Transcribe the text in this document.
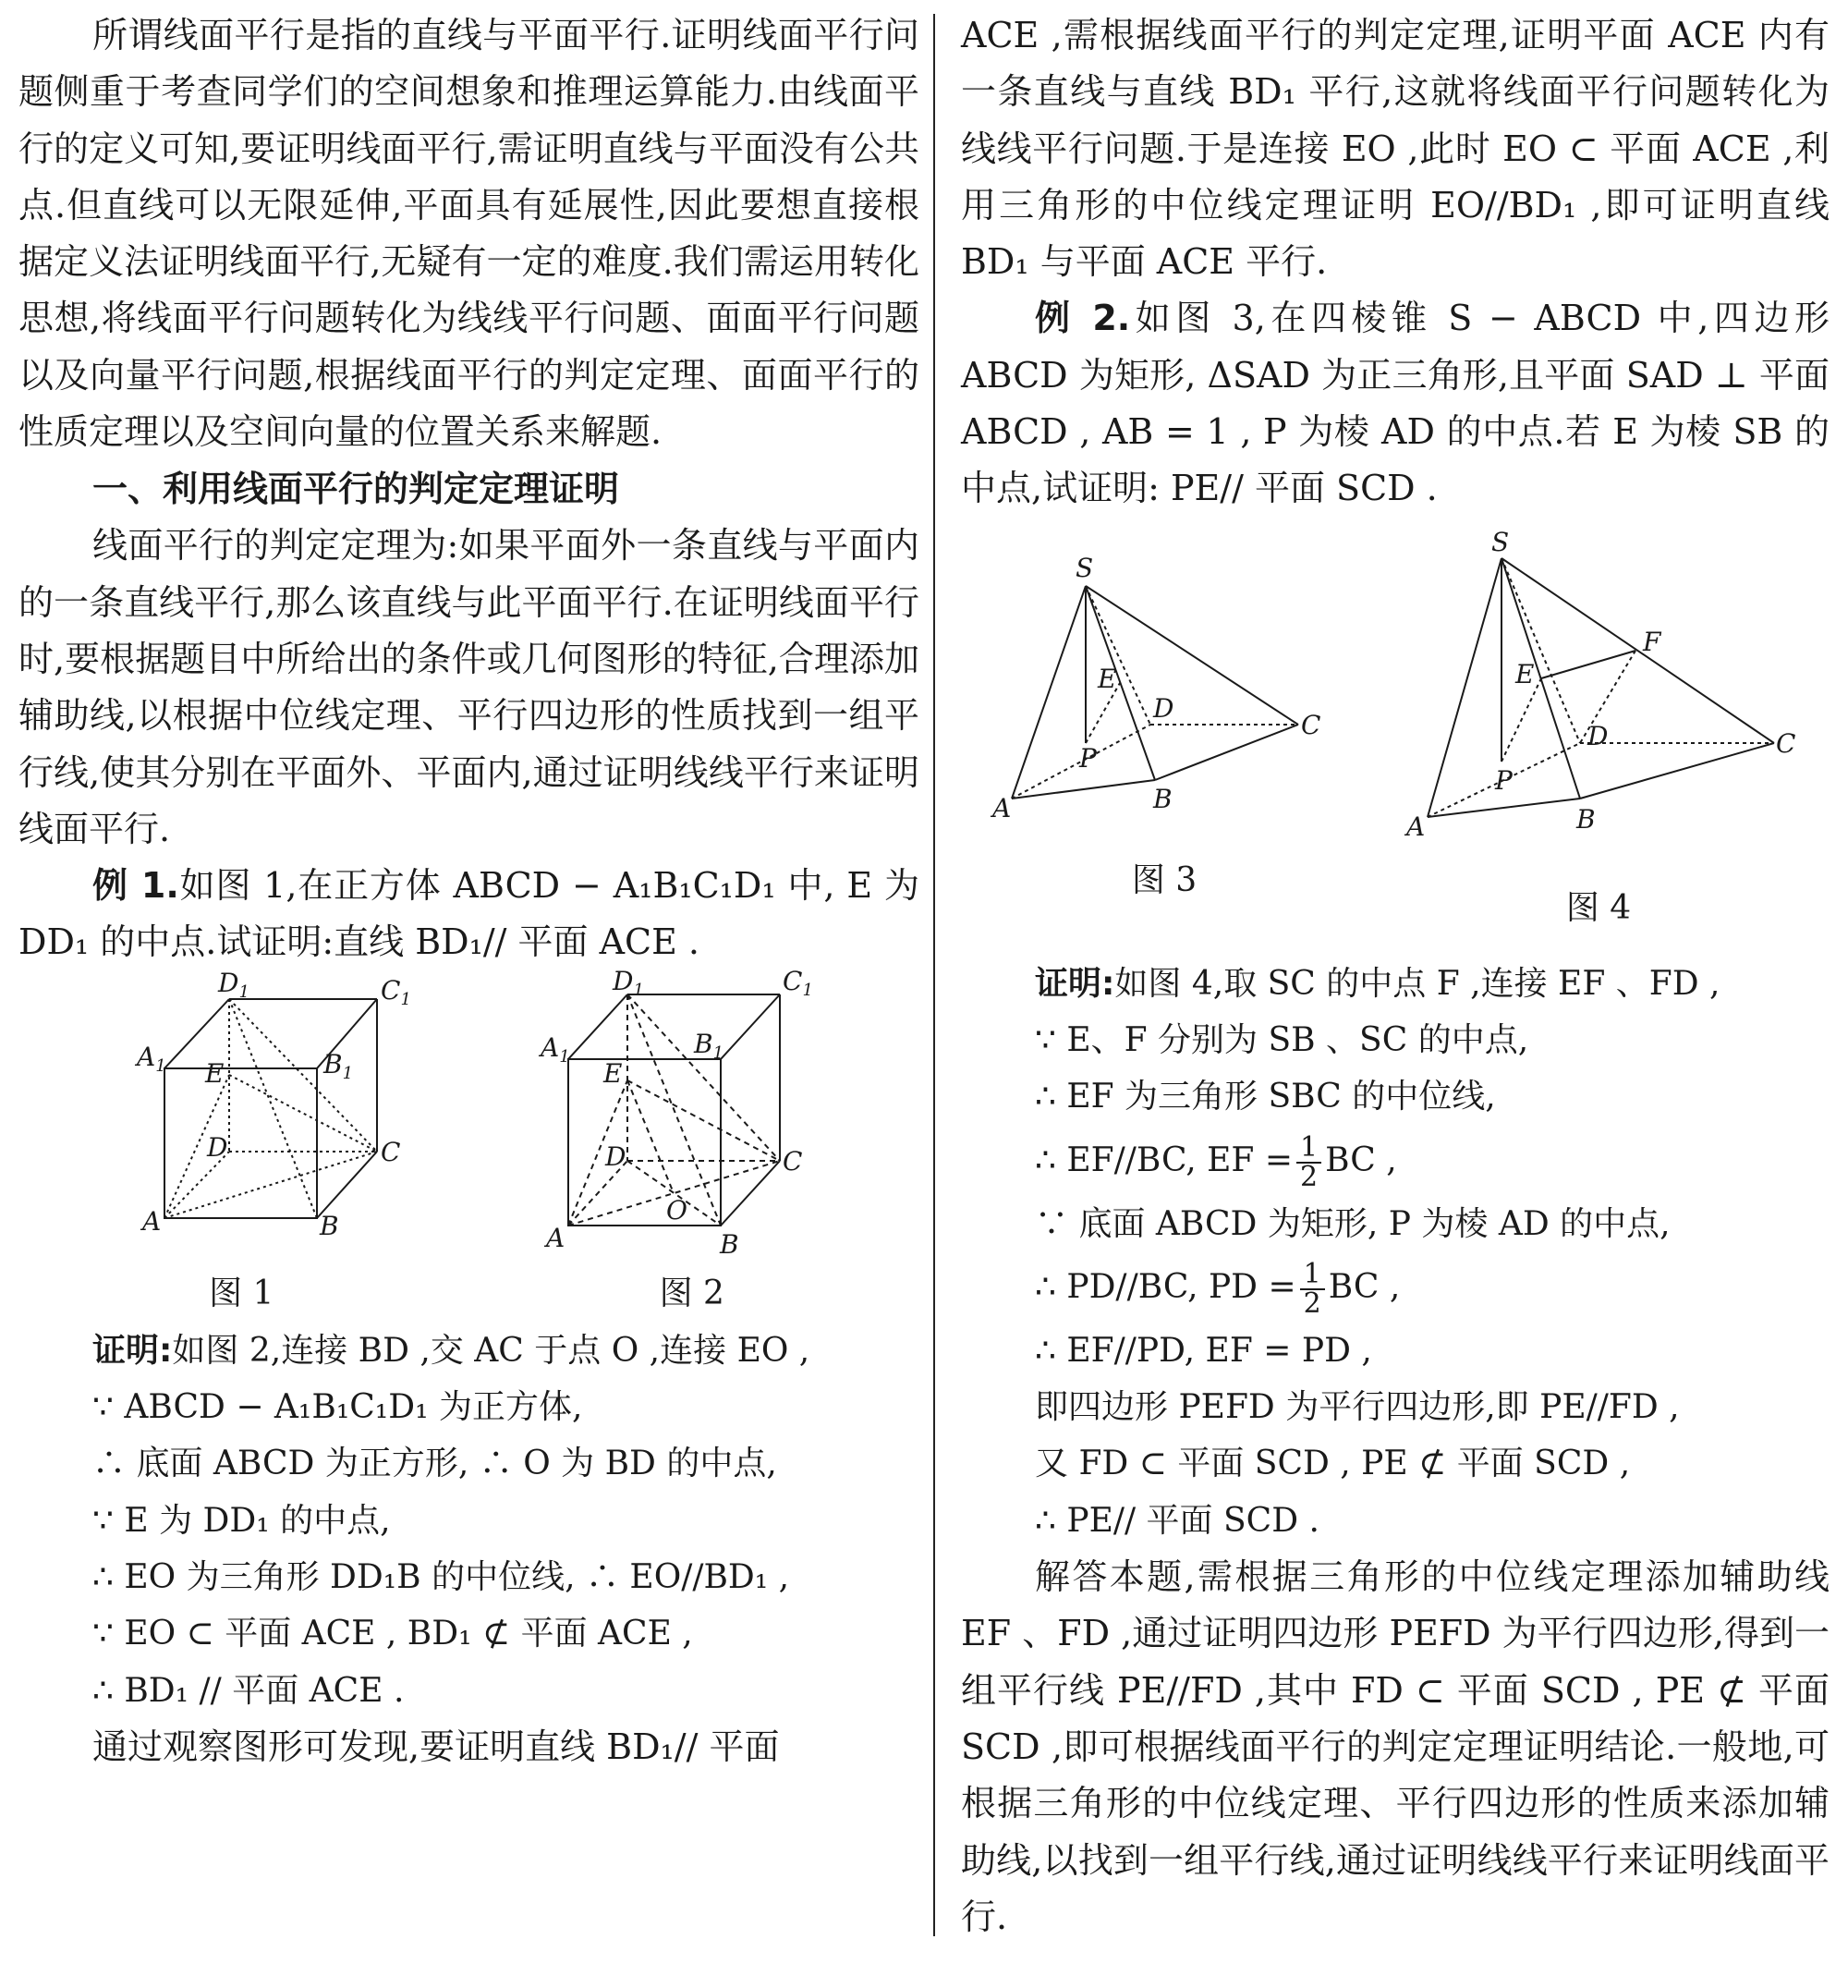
所谓线面平行是指的直线与平面平行.证明线面平行问题侧重于考查同学们的空间想象和推理运算能力.由线面平行的定义可知,要证明线面平行,需证明直线与平面没有公共点.但直线可以无限延伸,平面具有延展性,因此要想直接根据定义法证明线面平行,无疑有一定的难度.我们需运用转化思想,将线面平行问题转化为线线平行问题、面面平行问题以及向量平行问题,根据线面平行的判定定理、面面平行的性质定理以及空间向量的位置关系来解题.

一、利用线面平行的判定定理证明

线面平行的判定定理为:如果平面外一条直线与平面内的一条直线平行,那么该直线与此平面平行.在证明线面平行时,要根据题目中所给出的条件或几何图形的特征,合理添加辅助线,以根据中位线定理、平行四边形的性质找到一组平行线,使其分别在平面外、平面内,通过证明线线平行来证明线面平行.

例 1.如图 1,在正方体 ABCD − A₁B₁C₁D₁ 中, E 为 DD₁ 的中点.试证明:直线 BD₁// 平面 ACE .

$D_1$	$C_1$
$A_1$	$B_1$
E
D	C
A	B
图 1
$D_1$	$C_1$
$A_1$	$B_1$
E
D	C
O
A	B
图 2

证明:如图 2,连接 BD ,交 AC 于点 O ,连接 EO ,

∵ ABCD − A₁B₁C₁D₁ 为正方体,

∴ 底面 ABCD 为正方形, ∴ O 为 BD 的中点,

∵ E 为 DD₁ 的中点,

∴ EO 为三角形 DD₁B 的中位线, ∴ EO//BD₁ ,

∵ EO ⊂ 平面 ACE , BD₁ ⊄ 平面 ACE ,

∴ BD₁ // 平面 ACE .

通过观察图形可发现,要证明直线 BD₁// 平面

ACE ,需根据线面平行的判定定理,证明平面 ACE 内有一条直线与直线 BD₁ 平行,这就将线面平行问题转化为线线平行问题.于是连接 EO ,此时 EO ⊂ 平面 ACE ,利用三角形的中位线定理证明 EO//BD₁ ,即可证明直线 BD₁ 与平面 ACE 平行.

例 2.如图 3,在四棱锥 S − ABCD 中,四边形 ABCD 为矩形, ΔSAD 为正三角形,且平面 SAD ⊥ 平面 ABCD , AB = 1 , P 为棱 AD 的中点.若 E 为棱 SB 的中点,试证明: PE// 平面 SCD .

S
E
D
C
P
A	B
图 3
S
F
E
D	C
P
A	B
图 4

证明:如图 4,取 SC 的中点 F ,连接 EF 、FD ,

∵ E、F 分别为 SB 、SC 的中点,

∴ EF 为三角形 SBC 的中位线,

∴ EF//BC, EF = $\frac{1}{2}$ BC ,

∵ 底面 ABCD 为矩形, P 为棱 AD 的中点,

∴ PD//BC, PD = $\frac{1}{2}$ BC ,

∴ EF//PD, EF = PD ,

即四边形 PEFD 为平行四边形,即 PE//FD ,

又 FD ⊂ 平面 SCD , PE ⊄ 平面 SCD ,

∴ PE// 平面 SCD .

解答本题,需根据三角形的中位线定理添加辅助线 EF 、FD ,通过证明四边形 PEFD 为平行四边形,得到一组平行线 PE//FD ,其中 FD ⊂ 平面 SCD , PE ⊄ 平面 SCD ,即可根据线面平行的判定定理证明结论.一般地,可根据三角形的中位线定理、平行四边形的性质来添加辅助线,以找到一组平行线,通过证明线线平行来证明线面平行.
